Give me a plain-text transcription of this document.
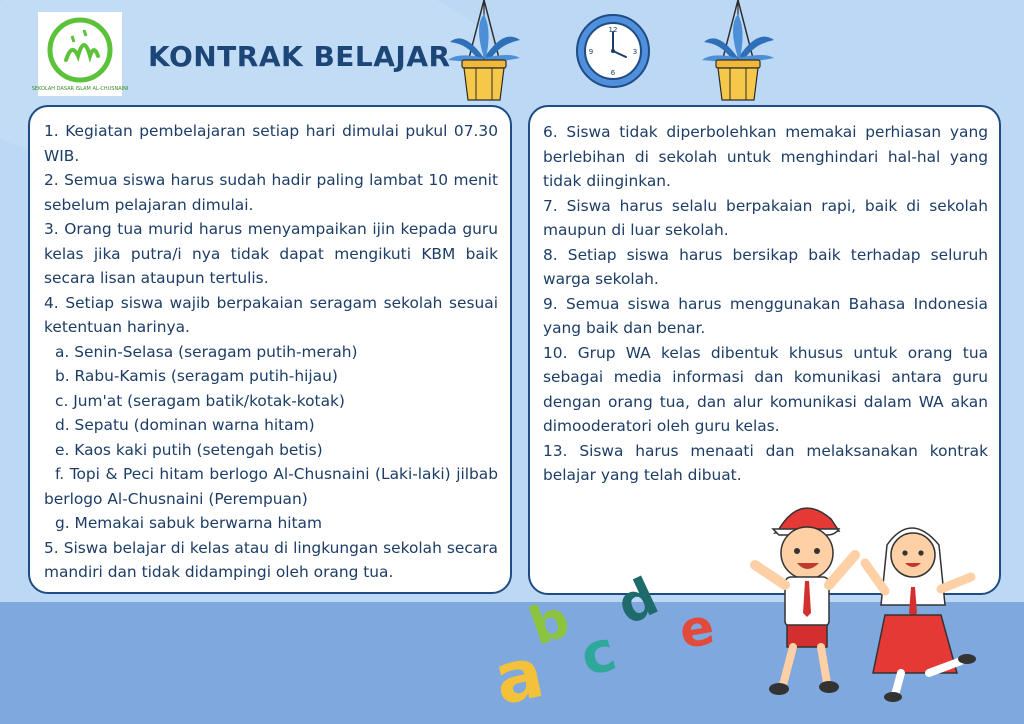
SEKOLAH DASAR ISLAM AL-CHUSNAINI
KONTRAK BELAJAR
12
3
6
9

1. Kegiatan pembelajaran setiap hari dimulai pukul 07.30 WIB.

2. Semua siswa harus sudah hadir paling lambat 10 menit sebelum pelajaran dimulai.

3. Orang tua murid harus menyampaikan ijin kepada guru kelas jika putra/i nya tidak dapat mengikuti KBM baik secara lisan ataupun tertulis.

4. Setiap siswa wajib berpakaian seragam sekolah sesuai ketentuan harinya.

a. Senin-Selasa (seragam putih-merah)

b. Rabu-Kamis (seragam putih-hijau)

c. Jum'at (seragam batik/kotak-kotak)

d. Sepatu (dominan warna hitam)

e. Kaos kaki putih (setengah betis)

f. Topi & Peci hitam berlogo Al-Chusnaini (Laki-laki) jilbab berlogo Al-Chusnaini (Perempuan)

g. Memakai sabuk berwarna hitam

5. Siswa belajar di kelas atau di lingkungan sekolah secara mandiri dan tidak didampingi oleh orang tua.

6. Siswa tidak diperbolehkan memakai perhiasan yang berlebihan di sekolah untuk menghindari hal-hal yang tidak diinginkan.

7. Siswa harus selalu berpakaian rapi, baik di sekolah maupun di luar sekolah.

8. Setiap siswa harus bersikap baik terhadap seluruh warga sekolah.

9. Semua siswa harus menggunakan Bahasa Indonesia yang baik dan benar.

10. Grup WA kelas dibentuk khusus untuk orang tua sebagai media informasi dan komunikasi antara guru dengan orang tua, dan alur komunikasi dalam WA akan dimooderatori oleh guru kelas.

13. Siswa harus menaati dan melaksanakan kontrak belajar yang telah dibuat.

a
b
c
d e
